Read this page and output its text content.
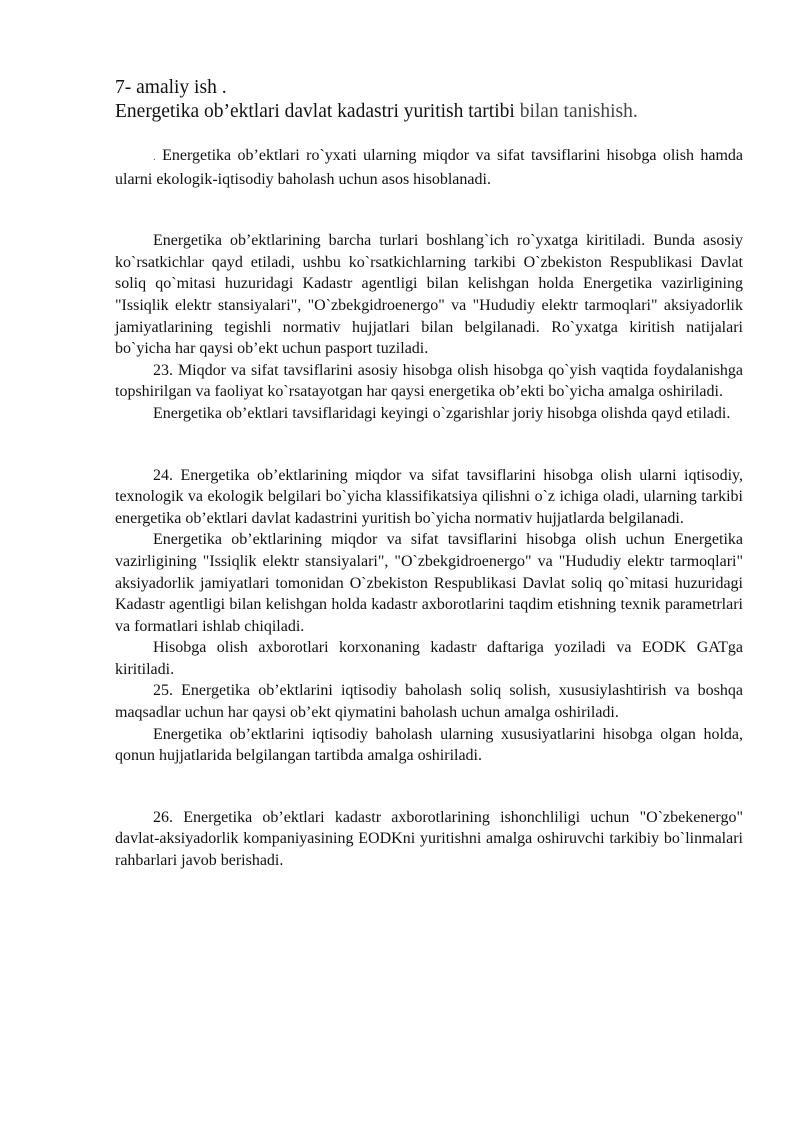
7- amaliy ish .
Energetika ob’ektlari davlat kadastri yuritish tartibi bilan tanishish.

. Energetika ob’ektlari ro`yxati ularning miqdor va sifat tavsiflarini hisobga olish hamda ularni ekologik-iqtisodiy baholash uchun asos hisoblanadi.

Energetika ob’ektlarining barcha turlari boshlang`ich ro`yxatga kiritiladi. Bunda asosiy ko`rsatkichlar qayd etiladi, ushbu ko`rsatkichlarning tarkibi O`zbekiston Respublikasi Davlat soliq qo`mitasi huzuridagi Kadastr agentligi bilan kelishgan holda Energetika vazirligining "Issiqlik elektr stansiyalari", "O`zbekgidroenergo" va "Hududiy elektr tarmoqlari" aksiyadorlik jamiyatlarining tegishli normativ hujjatlari bilan belgilanadi. Ro`yxatga kiritish natijalari bo`yicha har qaysi ob’ekt uchun pasport tuziladi.

23. Miqdor va sifat tavsiflarini asosiy hisobga olish hisobga qo`yish vaqtida foydalanishga topshirilgan va faoliyat ko`rsatayotgan har qaysi energetika ob’ekti bo`yicha amalga oshiriladi.

Energetika ob’ektlari tavsiflaridagi keyingi o`zgarishlar joriy hisobga olishda qayd etiladi.

24. Energetika ob’ektlarining miqdor va sifat tavsiflarini hisobga olish ularni iqtisodiy, texnologik va ekologik belgilari bo`yicha klassifikatsiya qilishni o`z ichiga oladi, ularning tarkibi energetika ob’ektlari davlat kadastrini yuritish bo`yicha normativ hujjatlarda belgilanadi.

Energetika ob’ektlarining miqdor va sifat tavsiflarini hisobga olish uchun Energetika vazirligining "Issiqlik elektr stansiyalari", "O`zbekgidroenergo" va "Hududiy elektr tarmoqlari" aksiyadorlik jamiyatlari tomonidan O`zbekiston Respublikasi Davlat soliq qo`mitasi huzuridagi Kadastr agentligi bilan kelishgan holda kadastr axborotlarini taqdim etishning texnik parametrlari va formatlari ishlab chiqiladi.

Hisobga olish axborotlari korxonaning kadastr daftariga yoziladi va EODK GATga kiritiladi.

25. Energetika ob’ektlarini iqtisodiy baholash soliq solish, xususiylashtirish va boshqa maqsadlar uchun har qaysi ob’ekt qiymatini baholash uchun amalga oshiriladi.

Energetika ob’ektlarini iqtisodiy baholash ularning xususiyatlarini hisobga olgan holda, qonun hujjatlarida belgilangan tartibda amalga oshiriladi.

26. Energetika ob’ektlari kadastr axborotlarining ishonchliligi uchun "O`zbekenergo" davlat-aksiyadorlik kompaniyasining EODKni yuritishni amalga oshiruvchi tarkibiy bo`linmalari rahbarlari javob berishadi.
